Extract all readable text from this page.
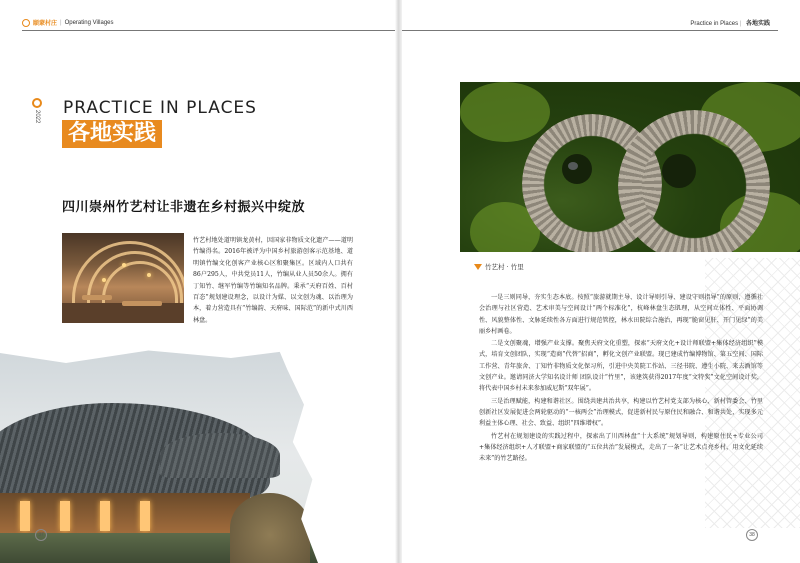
颐蒙村庄 | Operating Villages
2022 PRACTICE IN PLACES
各地实践
四川崇州竹艺村让非遗在乡村振兴中绽放
竹艺村地处道明镇龙黄村，因国家非物质文化遗产——道明竹编得名。2016年被评为中国乡村旅游创客示范基地、道明镇竹编文化创客产业核心区和聚集区。区域内人口共有86户295人，中共党员11人，竹编从业人员50余人。拥有丁知竹、继军竹编等竹编知名品牌。秉承“天府百姓、百村百态”规划建设理念，以设计为媒、以文创为魂、以治理为本，着力营造具有“竹编韵、天府味、国际范”的新中式川西林盘。
37
Practice in Places | 各地实践
竹艺村 · 竹里

一是三则同导，夯实生态本底。按照“旅游就期主导、设计导则引导、建设守则指导”的原则，遵循社会治理与社区营造、艺术审美与空间设计“两个标准化”，杭峰林盘生态肌理，从空间立体性、平面协调性、风貌整体性、文脉延续性各方面进行规范管控，林水田院综合施治，再现“脆窗见肝、开门见绿”的美丽乡村画卷。

二是文创聚魂，增强产业支撑。聚焦天府文化重塑，探索“天府文化+设计师联盟+集体经济组织”模式，培育文创团队，实现“造商”代替“招商”，孵化文创产业联盟。现已建成竹编博物馆、第五空间、国际工作营、青年旅舍、丁知竹非物质文化保习所，引进中央美院工作站、三径书院、遵生小院、来去酒馆等文创产业。邀请同济大学知名设计师 团队设计“竹里”，该建筑获得2017年度“文特奖”文化空间设计奖，将代表中国乡村未来参加威尼斯“双年展”。

三是治理赋能，构建和谐社区。围绕共建共治共享，构建以竹艺村党支部为核心、新村管委会、竹里创新社区发展促进会两轮驱动的“一核两会”治理模式，促进新村民与原住民和融合、和谐共处，实现多元利益主体心理、社会、致益、组织“四维增权”。

竹艺村在规划建设的实践过程中，探索出了川西林盘“十大系统”规划导则，构建原住民+专业公司+集体经济组织+人才联盟+商家联盟的“五位共治”发展模式，走出了一条“让艺术点亮乡村，用文化延续未来”的竹艺路径。

38
